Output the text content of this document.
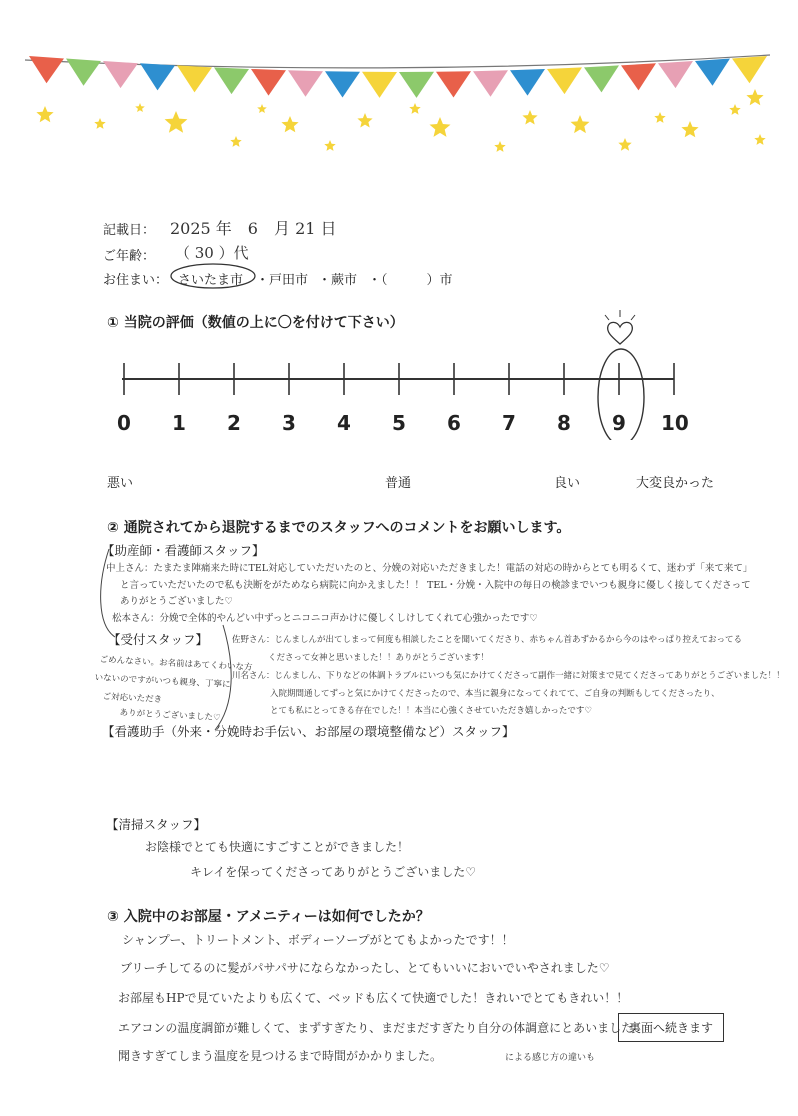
記載日： 2025 年　6　月 21 日
ご年齢： （ 30 ）代
お住まい： さいたま市 ・戸田市 ・蕨市 ・（　　　）市
① 当院の評価（数値の上に〇を付けて下さい）
0 1 2 3 4 5 6 7 8 9 10
悪い	普通	良い	大変良かった
② 通院されてから退院するまでのスタッフへのコメントをお願いします。
【助産師・看護師スタッフ】
中上さん：たまたま陣痛来た時にTEL対応していただいたのと、分娩の対応いただきました！電話の対応の時からとても明るくて、迷わず「来て来て」
と言っていただいたので私も決断をがためなら病院に向かえました！！ TEL・分娩・入院中の毎日の検診までいつも親身に優しく接してくださって
ありがとうございました♡
松本さん：分娩で全体的やんどい中ずっとニコニコ声かけに優しくしけしてくれて心強かったです♡
【受付スタッフ】
ごめんなさい。お名前はあてくわいな方
いないのですがいつも親身、丁寧に
ご対応いただき
ありがとうございました♡
佐野さん：じんましんが出てしまって何度も相談したことを聞いてくださり、赤ちゃん首あずかるから今のはやっぱり控えておってる
くださって女神と思いました！！ありがとうございます！
川名さん：じんましん、下りなどの体調トラブルにいつも気にかけてくださって副作一緒に対策まで見てくださってありがとうございました！！
入院期間通してずっと気にかけてくださったので、本当に親身になってくれてて、ご自身の判断もしてくださったり、
とても私にとってきる存在でした！！本当に心強くさせていただき嬉しかったです♡
【看護助手（外来・分娩時お手伝い、お部屋の環境整備など）スタッフ】
【清掃スタッフ】
お陰様でとても快適にすごすことができました！
キレイを保ってくださってありがとうございました♡
③ 入院中のお部屋・アメニティーは如何でしたか？
シャンプー、トリートメント、ボディーソープがとてもよかったです！！
ブリーチしてるのに髪がパサパサにならなかったし、とてもいいにおいでいやされました♡
お部屋もHPで見ていたよりも広くて、ベッドも広くて快適でした！きれいでとてもきれい！！
エアコンの温度調節が難しくて、まずすぎたり、まだまだすぎたり自分の体調意にとあいました
聞きすぎてしまう温度を見つけるまで時間がかかりました。	による感じ方の違いも
裏面へ続きます
